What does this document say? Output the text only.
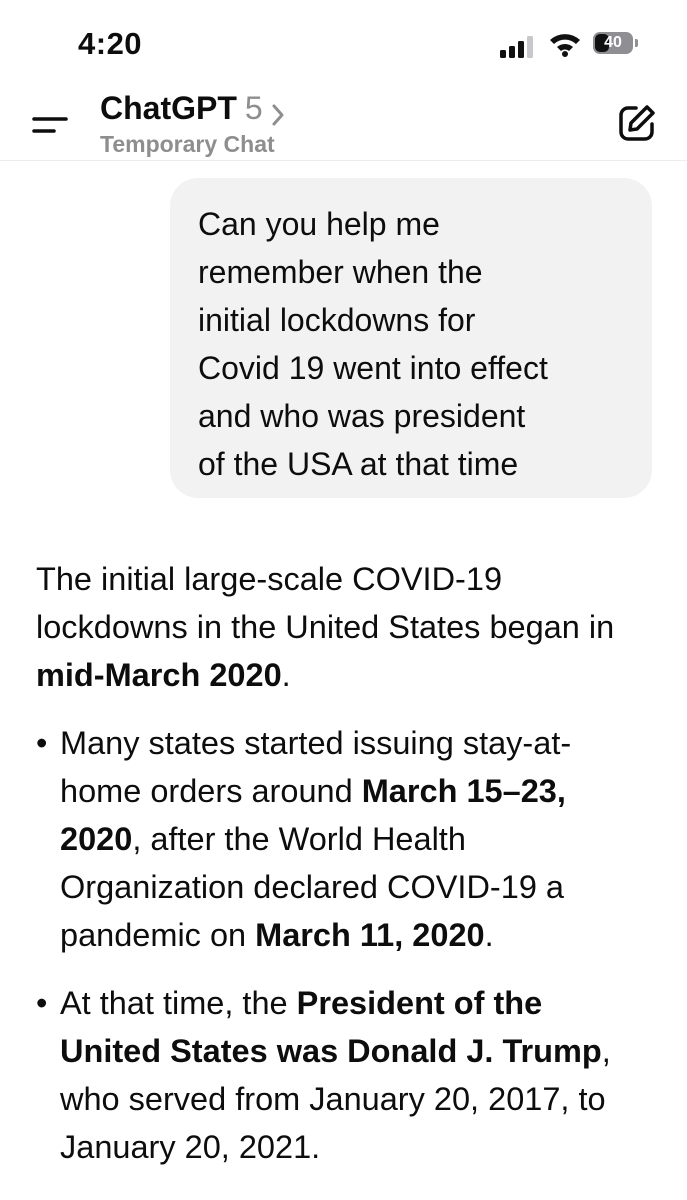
4:20	40
ChatGPT 5
Temporary Chat
Can you help me
remember when the
initial lockdowns for
Covid 19 went into effect
and who was president
of the USA at that time

The initial large-scale COVID-19 lockdowns in the United States began in mid-March 2020.

• Many states started issuing stay-at-home orders around March 15–23, 2020, after the World Health Organization declared COVID-19 a pandemic on March 11, 2020.
• At that time, the President of the United States was Donald J. Trump, who served from January 20, 2017, to January 20, 2021.
